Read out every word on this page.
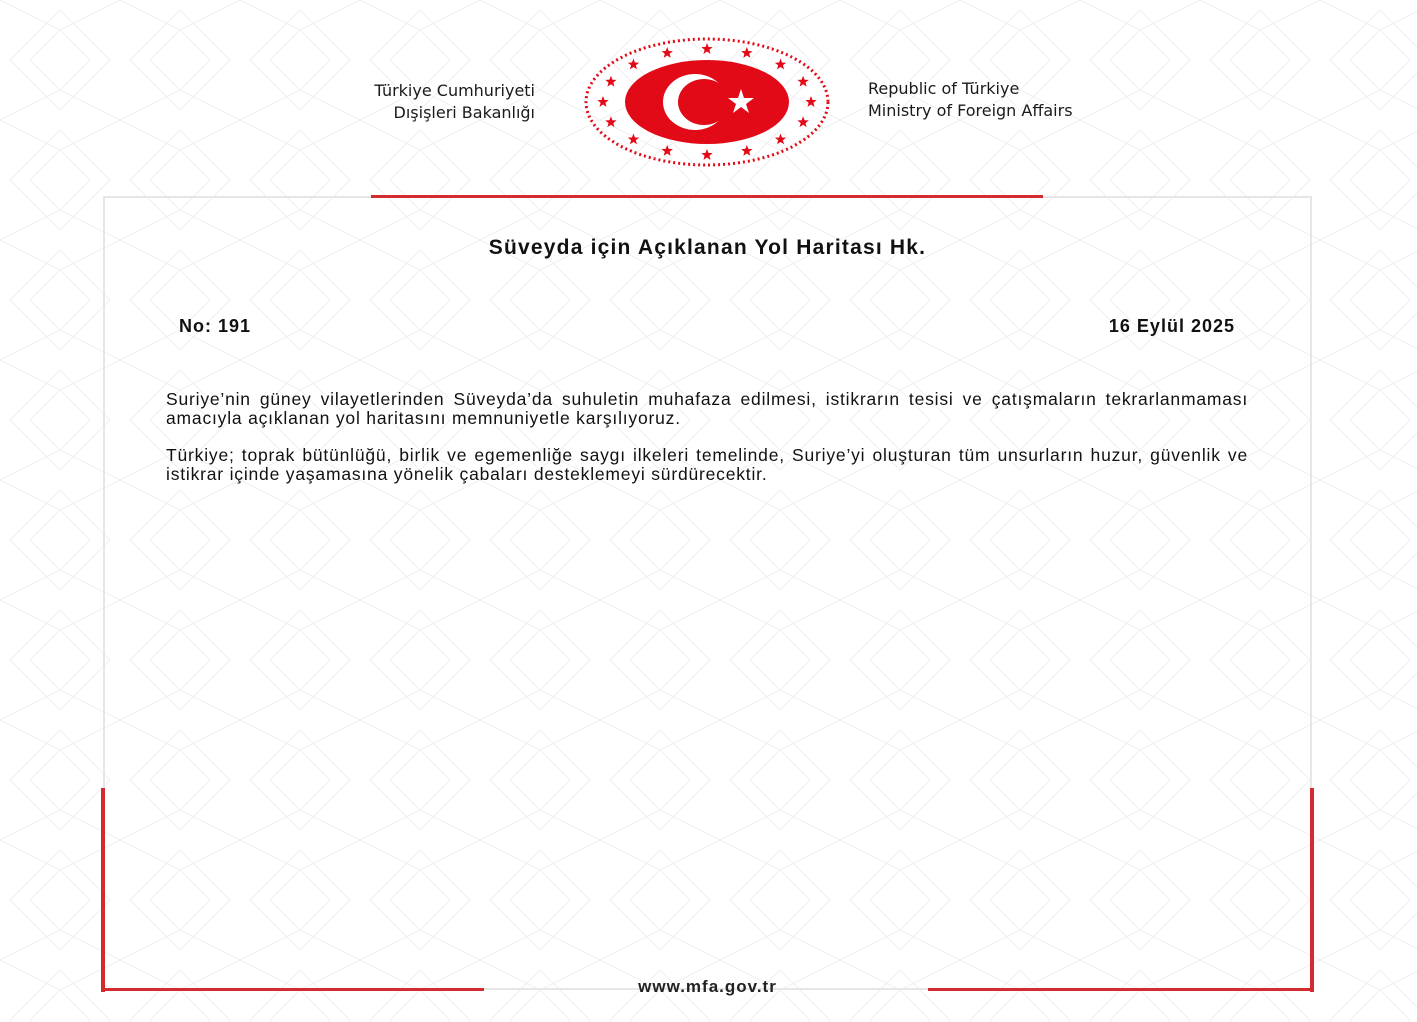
Türkiye Cumhuriyeti
Dışişleri Bakanlığı
Republic of Türkiye
Ministry of Foreign Affairs
Süveyda için Açıklanan Yol Haritası Hk.
No: 191	16 Eylül 2025

Suriye’nin güney vilayetlerinden Süveyda’da suhuletin muhafaza edilmesi, istikrarın tesisi ve çatışmaların tekrarlanmaması amacıyla açıklanan yol haritasını memnuniyetle karşılıyoruz.

Türkiye; toprak bütünlüğü, birlik ve egemenliğe saygı ilkeleri temelinde, Suriye’yi oluşturan tüm unsurların huzur, güvenlik ve istikrar içinde yaşamasına yönelik çabaları desteklemeyi sürdürecektir.

www.mfa.gov.tr
